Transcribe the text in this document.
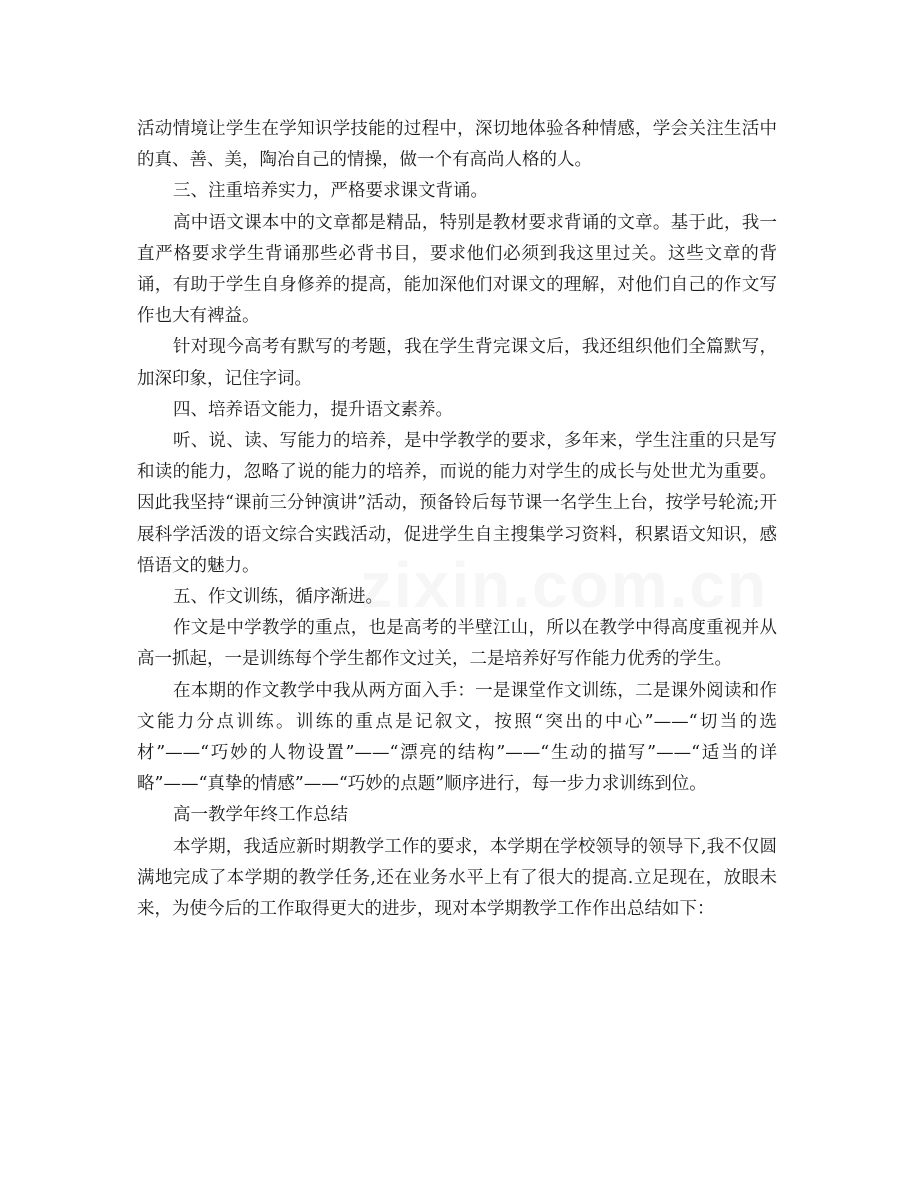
活动情境让学生在学知识学技能的过程中，深切地体验各种情感，学会关注生活中的真、善、美，陶冶自己的情操，做一个有高尚人格的人。

三、注重培养实力，严格要求课文背诵。

高中语文课本中的文章都是精品，特别是教材要求背诵的文章。基于此，我一直严格要求学生背诵那些必背书目，要求他们必须到我这里过关。这些文章的背诵，有助于学生自身修养的提高，能加深他们对课文的理解，对他们自己的作文写作也大有裨益。

针对现今高考有默写的考题，我在学生背完课文后，我还组织他们全篇默写，加深印象，记住字词。

四、培养语文能力，提升语文素养。

听、说、读、写能力的培养，是中学教学的要求，多年来，学生注重的只是写和读的能力，忽略了说的能力的培养，而说的能力对学生的成长与处世尤为重要。因此我坚持“课前三分钟演讲”活动，预备铃后每节课一名学生上台，按学号轮流;开展科学活泼的语文综合实践活动，促进学生自主搜集学习资料，积累语文知识，感悟语文的魅力。

五、作文训练，循序渐进。

作文是中学教学的重点，也是高考的半壁江山，所以在教学中得高度重视并从高一抓起，一是训练每个学生都作文过关，二是培养好写作能力优秀的学生。

在本期的作文教学中我从两方面入手：一是课堂作文训练，二是课外阅读和作文能力分点训练。训练的重点是记叙文，按照“突出的中心”——“切当的选材”——“巧妙的人物设置”——“漂亮的结构”——“生动的描写”——“适当的详略”——“真挚的情感”——“巧妙的点题”顺序进行，每一步力求训练到位。

高一教学年终工作总结

本学期，我适应新时期教学工作的要求，本学期在学校领导的领导下,我不仅圆满地完成了本学期的教学任务,还在业务水平上有了很大的提高.立足现在，放眼未来，为使今后的工作取得更大的进步，现对本学期教学工作作出总结如下：
